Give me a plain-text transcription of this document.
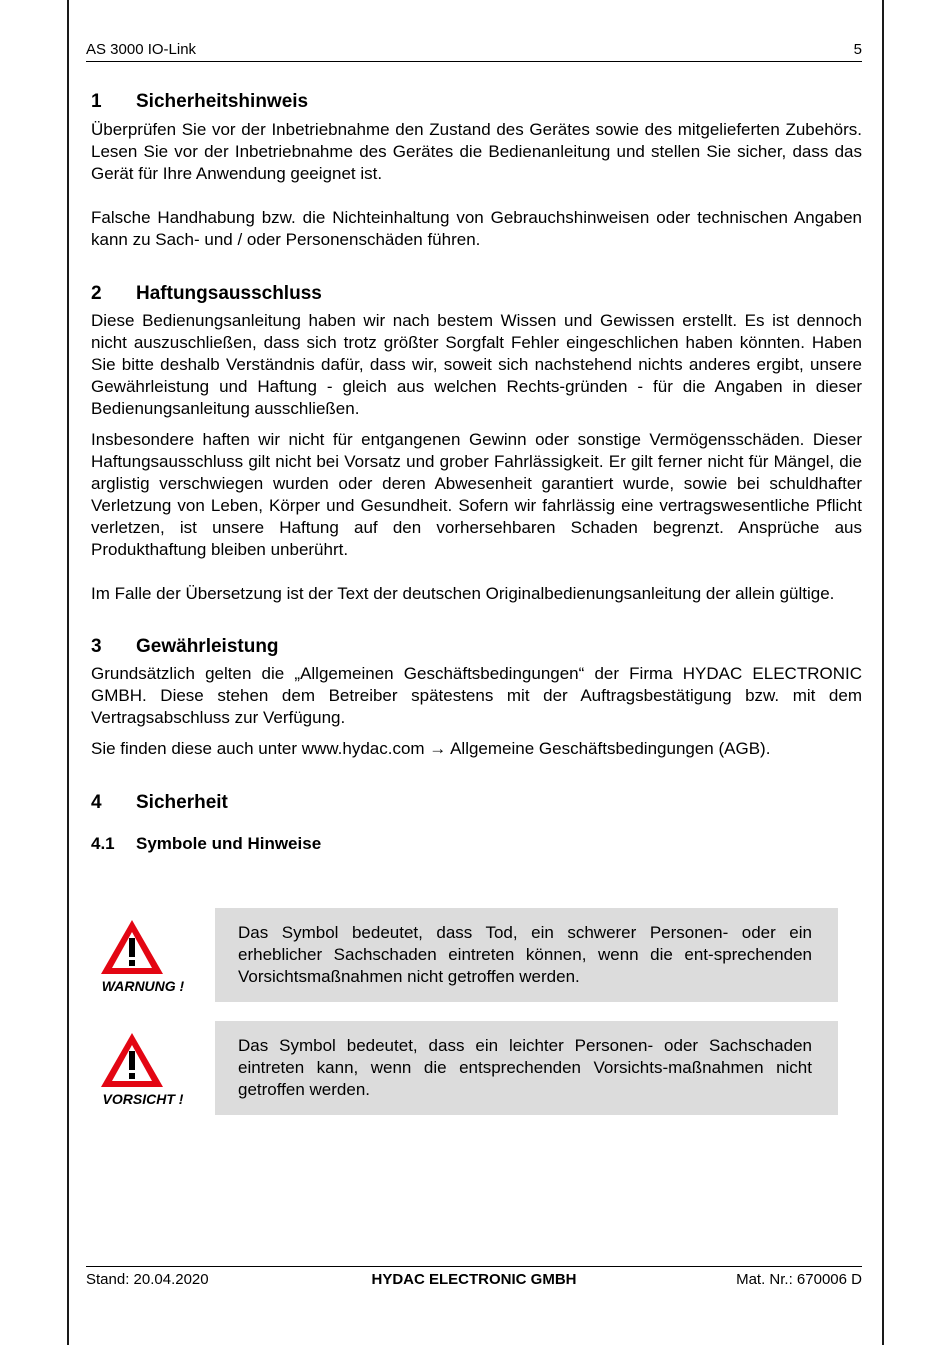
AS 3000 IO-Link	5
1	Sicherheitshinweis

Überprüfen Sie vor der Inbetriebnahme den Zustand des Gerätes sowie des mitgelieferten Zubehörs. Lesen Sie vor der Inbetriebnahme des Gerätes die Bedienanleitung und stellen Sie sicher, dass das Gerät für Ihre Anwendung geeignet ist.

Falsche Handhabung bzw. die Nichteinhaltung von Gebrauchshinweisen oder technischen Angaben kann zu Sach- und / oder Personenschäden führen.

2	Haftungsausschluss

Diese Bedienungsanleitung haben wir nach bestem Wissen und Gewissen erstellt. Es ist dennoch nicht auszuschließen, dass sich trotz größter Sorgfalt Fehler eingeschlichen haben könnten. Haben Sie bitte deshalb Verständnis dafür, dass wir, soweit sich nachstehend nichts anderes ergibt, unsere Gewährleistung und Haftung - gleich aus welchen Rechts-gründen - für die Angaben in dieser Bedienungsanleitung ausschließen.

Insbesondere haften wir nicht für entgangenen Gewinn oder sonstige Vermögensschäden. Dieser Haftungsausschluss gilt nicht bei Vorsatz und grober Fahrlässigkeit. Er gilt ferner nicht für Mängel, die arglistig verschwiegen wurden oder deren Abwesenheit garantiert wurde, sowie bei schuldhafter Verletzung von Leben, Körper und Gesundheit. Sofern wir fahrlässig eine vertragswesentliche Pflicht verletzen, ist unsere Haftung auf den vorhersehbaren Schaden begrenzt. Ansprüche aus Produkthaftung bleiben unberührt.

Im Falle der Übersetzung ist der Text der deutschen Originalbedienungsanleitung der allein gültige.

3	Gewährleistung

Grundsätzlich gelten die „Allgemeinen Geschäftsbedingungen“ der Firma HYDAC ELECTRONIC GMBH. Diese stehen dem Betreiber spätestens mit der Auftragsbestätigung bzw. mit dem Vertragsabschluss zur Verfügung.

Sie finden diese auch unter www.hydac.com → Allgemeine Geschäftsbedingungen (AGB).

4	Sicherheit
4.1	Symbole und Hinweise
WARNUNG !

Das Symbol bedeutet, dass Tod, ein schwerer Personen- oder ein erheblicher Sachschaden eintreten können, wenn die ent-sprechenden Vorsichtsmaßnahmen nicht getroffen werden.

VORSICHT !

Das Symbol bedeutet, dass ein leichter Personen- oder Sachschaden eintreten kann, wenn die entsprechenden Vorsichts-maßnahmen nicht getroffen werden.

Stand: 20.04.2020	HYDAC ELECTRONIC GMBH	Mat. Nr.: 670006 D
